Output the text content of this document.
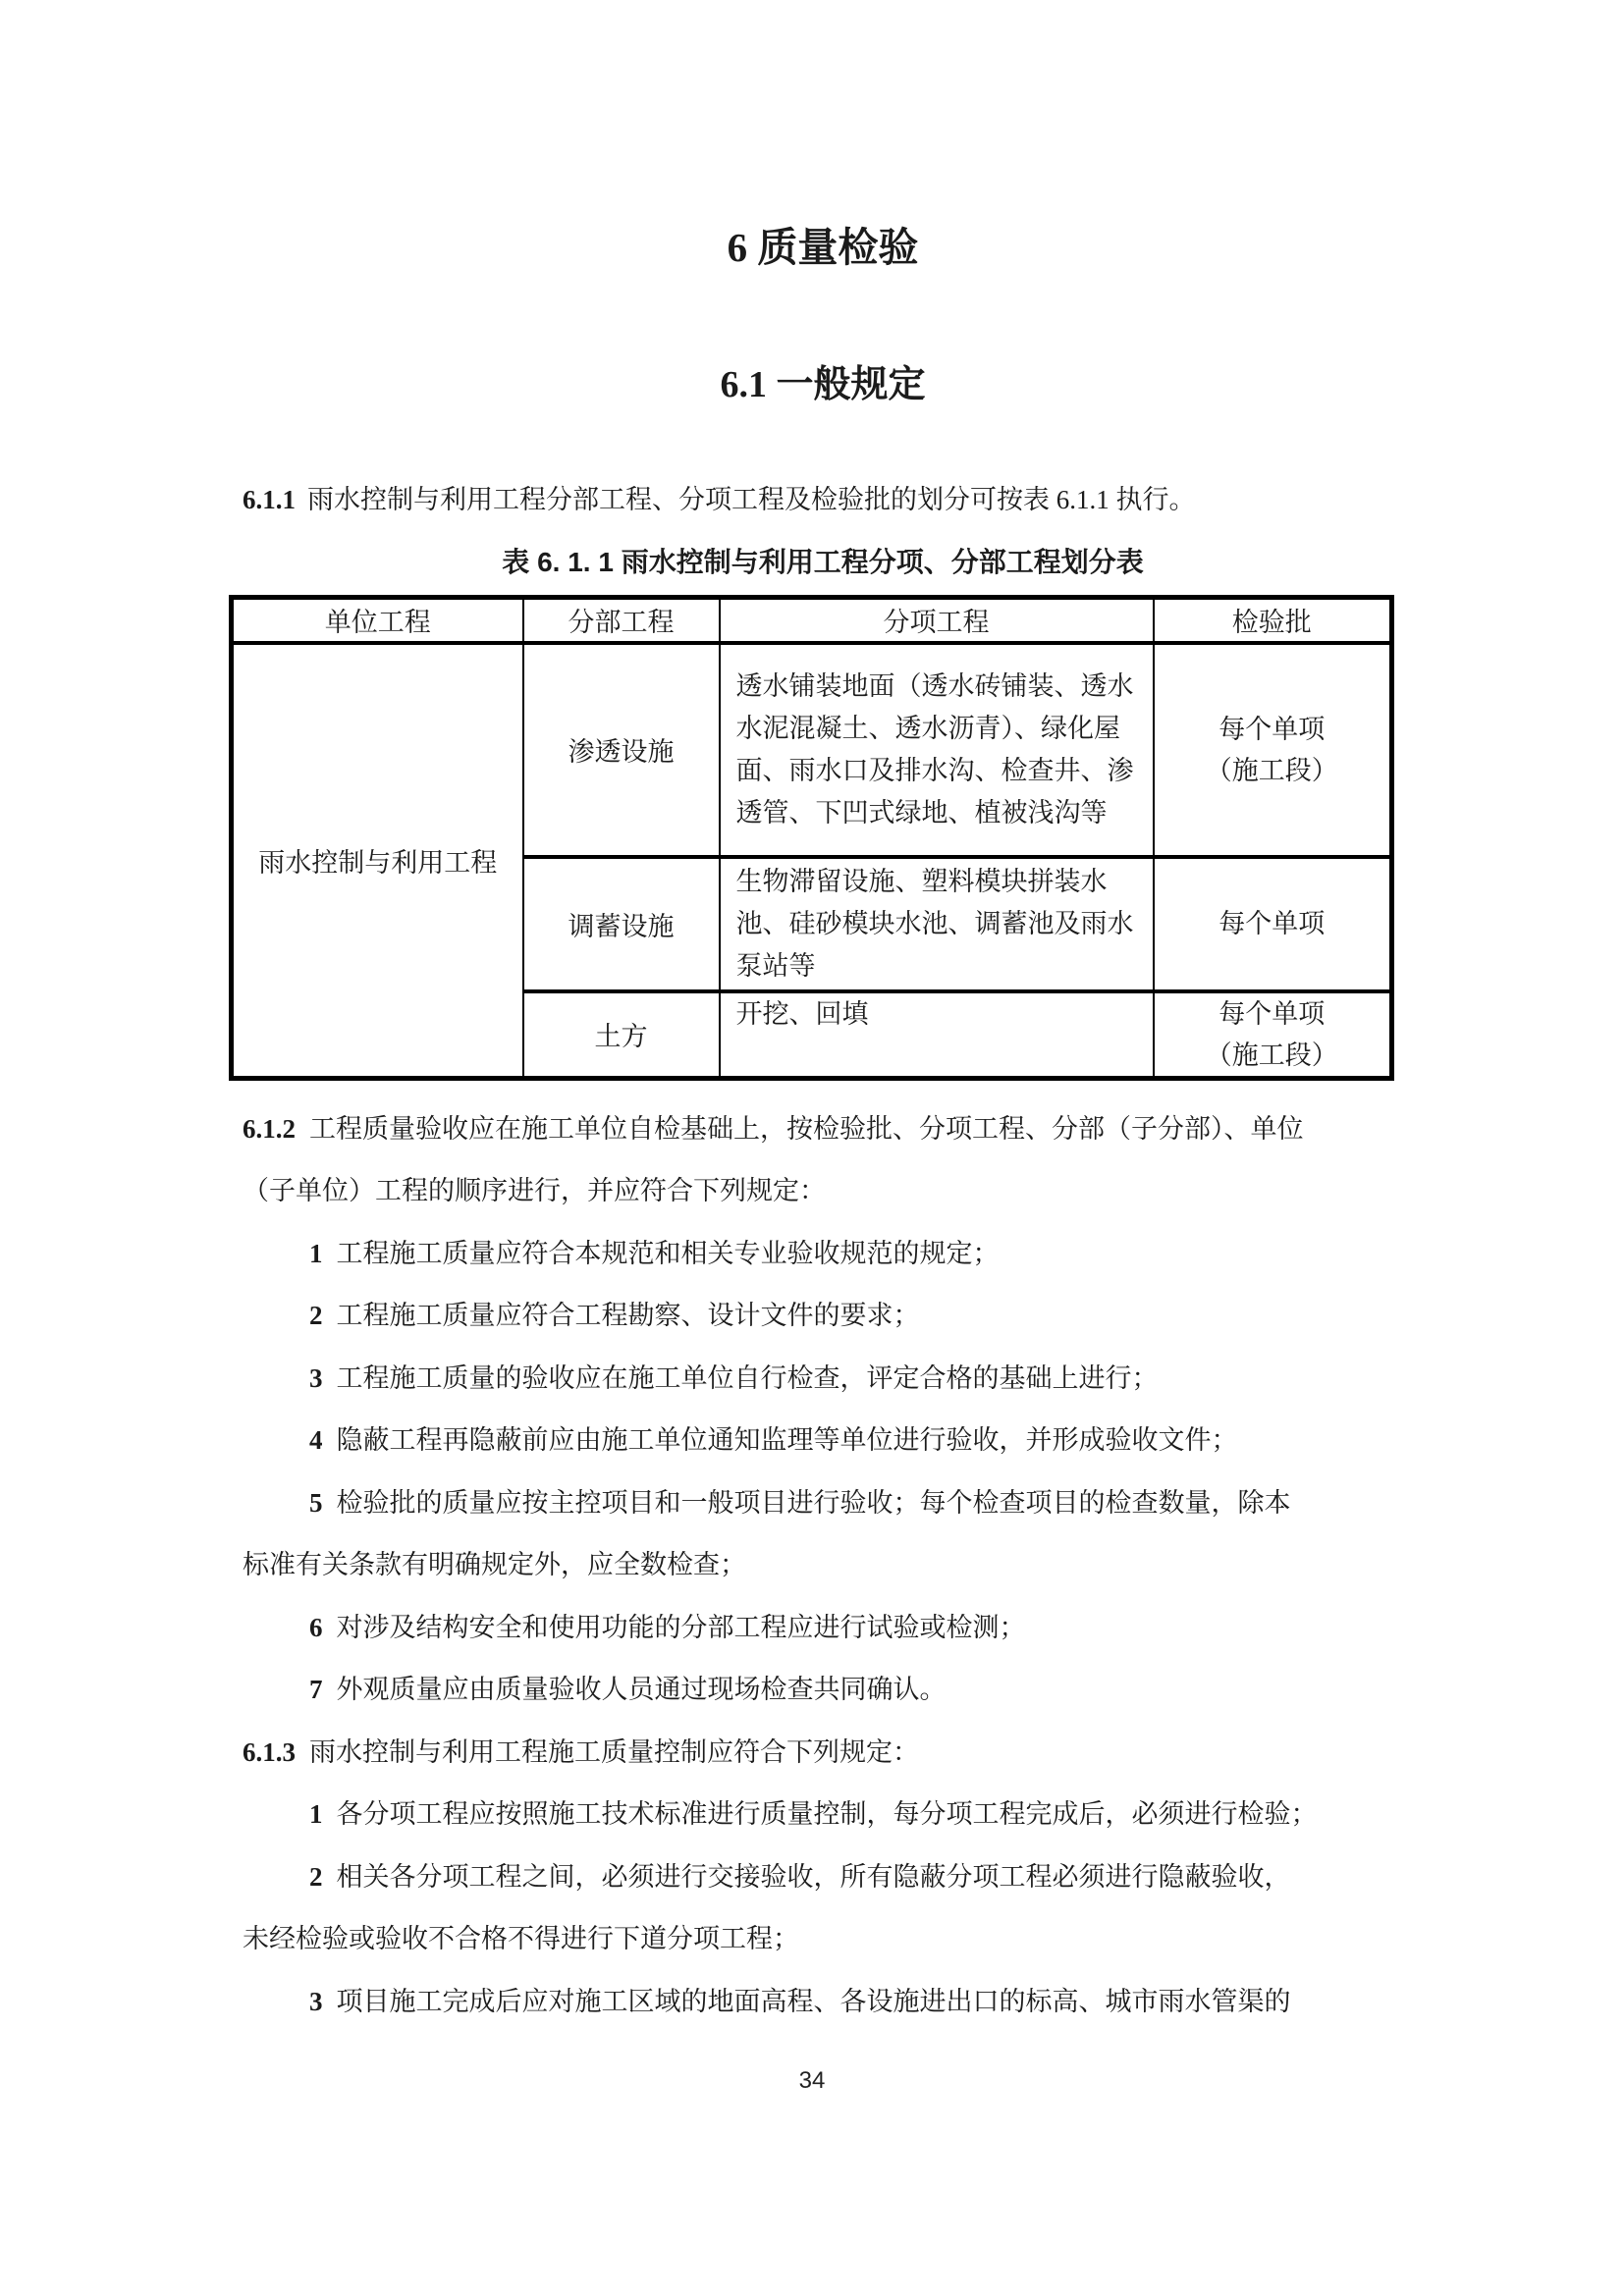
6 质量检验
6.1 一般规定

6.1.1 雨水控制与利用工程分部工程、分项工程及检验批的划分可按表 6.1.1 执行。

表 6. 1. 1 雨水控制与利用工程分项、分部工程划分表
单位工程	分部工程	分项工程	检验批
雨水控制与利用工程	渗透设施	透水铺装地面（透水砖铺装、透水水泥混凝土、透水沥青）、绿化屋面、雨水口及排水沟、检查井、渗透管、下凹式绿地、植被浅沟等	每个单项
（施工段）

	调蓄设施	生物滞留设施、塑料模块拼装水池、硅砂模块水池、调蓄池及雨水泵站等	每个单项

	土方	开挖、回填	每个单项
（施工段）
6.1.2 工程质量验收应在施工单位自检基础上，按检验批、分项工程、分部（子分部）、单位
（子单位）工程的顺序进行，并应符合下列规定：
1 工程施工质量应符合本规范和相关专业验收规范的规定；
2 工程施工质量应符合工程勘察、设计文件的要求；
3 工程施工质量的验收应在施工单位自行检查，评定合格的基础上进行；
4 隐蔽工程再隐蔽前应由施工单位通知监理等单位进行验收，并形成验收文件；
5 检验批的质量应按主控项目和一般项目进行验收；每个检查项目的检查数量，除本
标准有关条款有明确规定外，应全数检查；
6 对涉及结构安全和使用功能的分部工程应进行试验或检测；
7 外观质量应由质量验收人员通过现场检查共同确认。
6.1.3 雨水控制与利用工程施工质量控制应符合下列规定：
1 各分项工程应按照施工技术标准进行质量控制，每分项工程完成后，必须进行检验；
2 相关各分项工程之间，必须进行交接验收，所有隐蔽分项工程必须进行隐蔽验收，
未经检验或验收不合格不得进行下道分项工程；
3 项目施工完成后应对施工区域的地面高程、各设施进出口的标高、城市雨水管渠的
34
